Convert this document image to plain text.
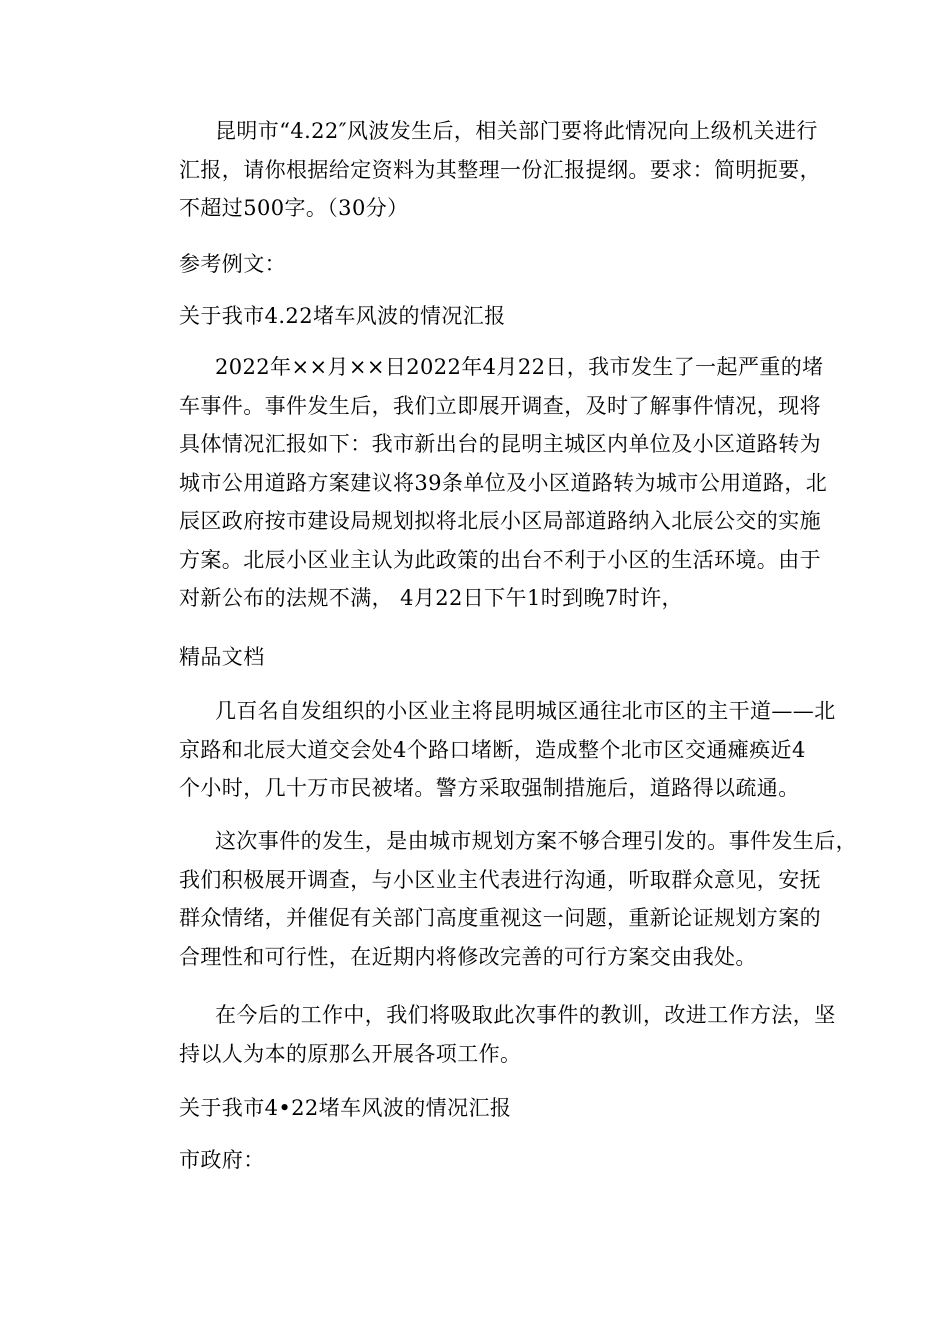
昆明市“4.22″风波发生后，相关部门要将此情况向上级机关进行
汇报，请你根据给定资料为其整理一份汇报提纲。要求：简明扼要，
不超过500字。（30分）

参考例文：

关于我市4.22堵车风波的情况汇报

2022年××月××日2022年4月22日，我市发生了一起严重的堵
车事件。事件发生后，我们立即展开调查，及时了解事件情况，现将
具体情况汇报如下：我市新出台的昆明主城区内单位及小区道路转为
城市公用道路方案建议将39条单位及小区道路转为城市公用道路，北
辰区政府按市建设局规划拟将北辰小区局部道路纳入北辰公交的实施
方案。北辰小区业主认为此政策的出台不利于小区的生活环境。由于
对新公布的法规不满， 4月22日下午1时到晚7时许，

精品文档

几百名自发组织的小区业主将昆明城区通往北市区的主干道——北
京路和北辰大道交会处4个路口堵断，造成整个北市区交通瘫痪近4
个小时，几十万市民被堵。警方采取强制措施后，道路得以疏通。
这次事件的发生，是由城市规划方案不够合理引发的。事件发生后，
我们积极展开调查，与小区业主代表进行沟通，听取群众意见，安抚
群众情绪，并催促有关部门高度重视这一问题，重新论证规划方案的
合理性和可行性，在近期内将修改完善的可行方案交由我处。
在今后的工作中，我们将吸取此次事件的教训，改进工作方法，坚
持以人为本的原那么开展各项工作。

关于我市4•22堵车风波的情况汇报

市政府：
